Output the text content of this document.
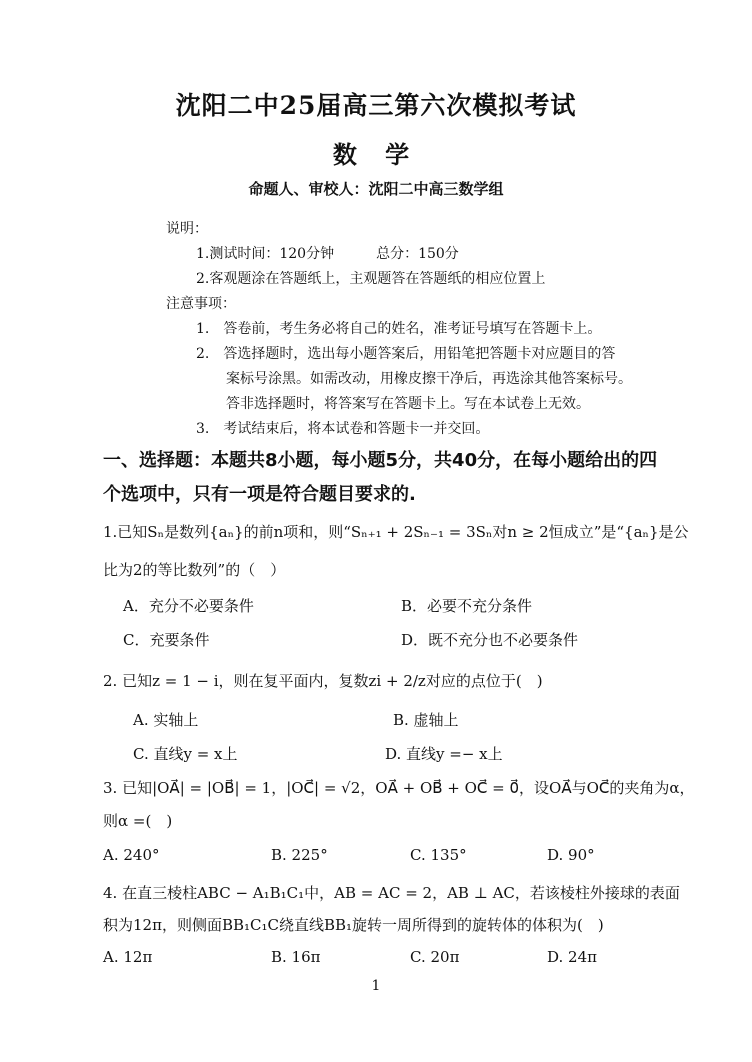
沈阳二中25届高三第六次模拟考试
数 学
命题人、审校人：沈阳二中高三数学组
说明：
1.测试时间：120分钟　　　总分：150分
2.客观题涂在答题纸上，主观题答在答题纸的相应位置上
注意事项：
1.　答卷前，考生务必将自己的姓名，准考证号填写在答题卡上。
2.　答选择题时，选出每小题答案后，用铅笔把答题卡对应题目的答
案标号涂黑。如需改动，用橡皮擦干净后，再选涂其他答案标号。
答非选择题时，将答案写在答题卡上。写在本试卷上无效。
3.　考试结束后，将本试卷和答题卡一并交回。
一、选择题：本题共8小题，每小题5分，共40分，在每小题给出的四
个选项中，只有一项是符合题目要求的.
1.已知Sₙ是数列{aₙ}的前n项和，则“Sₙ₊₁ + 2Sₙ₋₁ = 3Sₙ对n ≥ 2恒成立”是“{aₙ}是公
比为2的等比数列”的（　）
A．充分不必要条件	B．必要不充分条件
C．充要条件	D．既不充分也不必要条件
2. 已知z = 1 − i，则在复平面内，复数zi + 2/z对应的点位于(　)
A. 实轴上	B. 虚轴上
C. 直线y = x上	D. 直线y =− x上
3. 已知|OA⃗| = |OB⃗| = 1，|OC⃗| = √2，OA⃗ + OB⃗ + OC⃗ = 0⃗，设OA⃗与OC⃗的夹角为α，
则α =(　)
A. 240°	B. 225°	C. 135°	D. 90°
4. 在直三棱柱ABC − A₁B₁C₁中，AB = AC = 2，AB ⊥ AC，若该棱柱外接球的表面
积为12π，则侧面BB₁C₁C绕直线BB₁旋转一周所得到的旋转体的体积为(　)
A. 12π	B. 16π	C. 20π	D. 24π
1
